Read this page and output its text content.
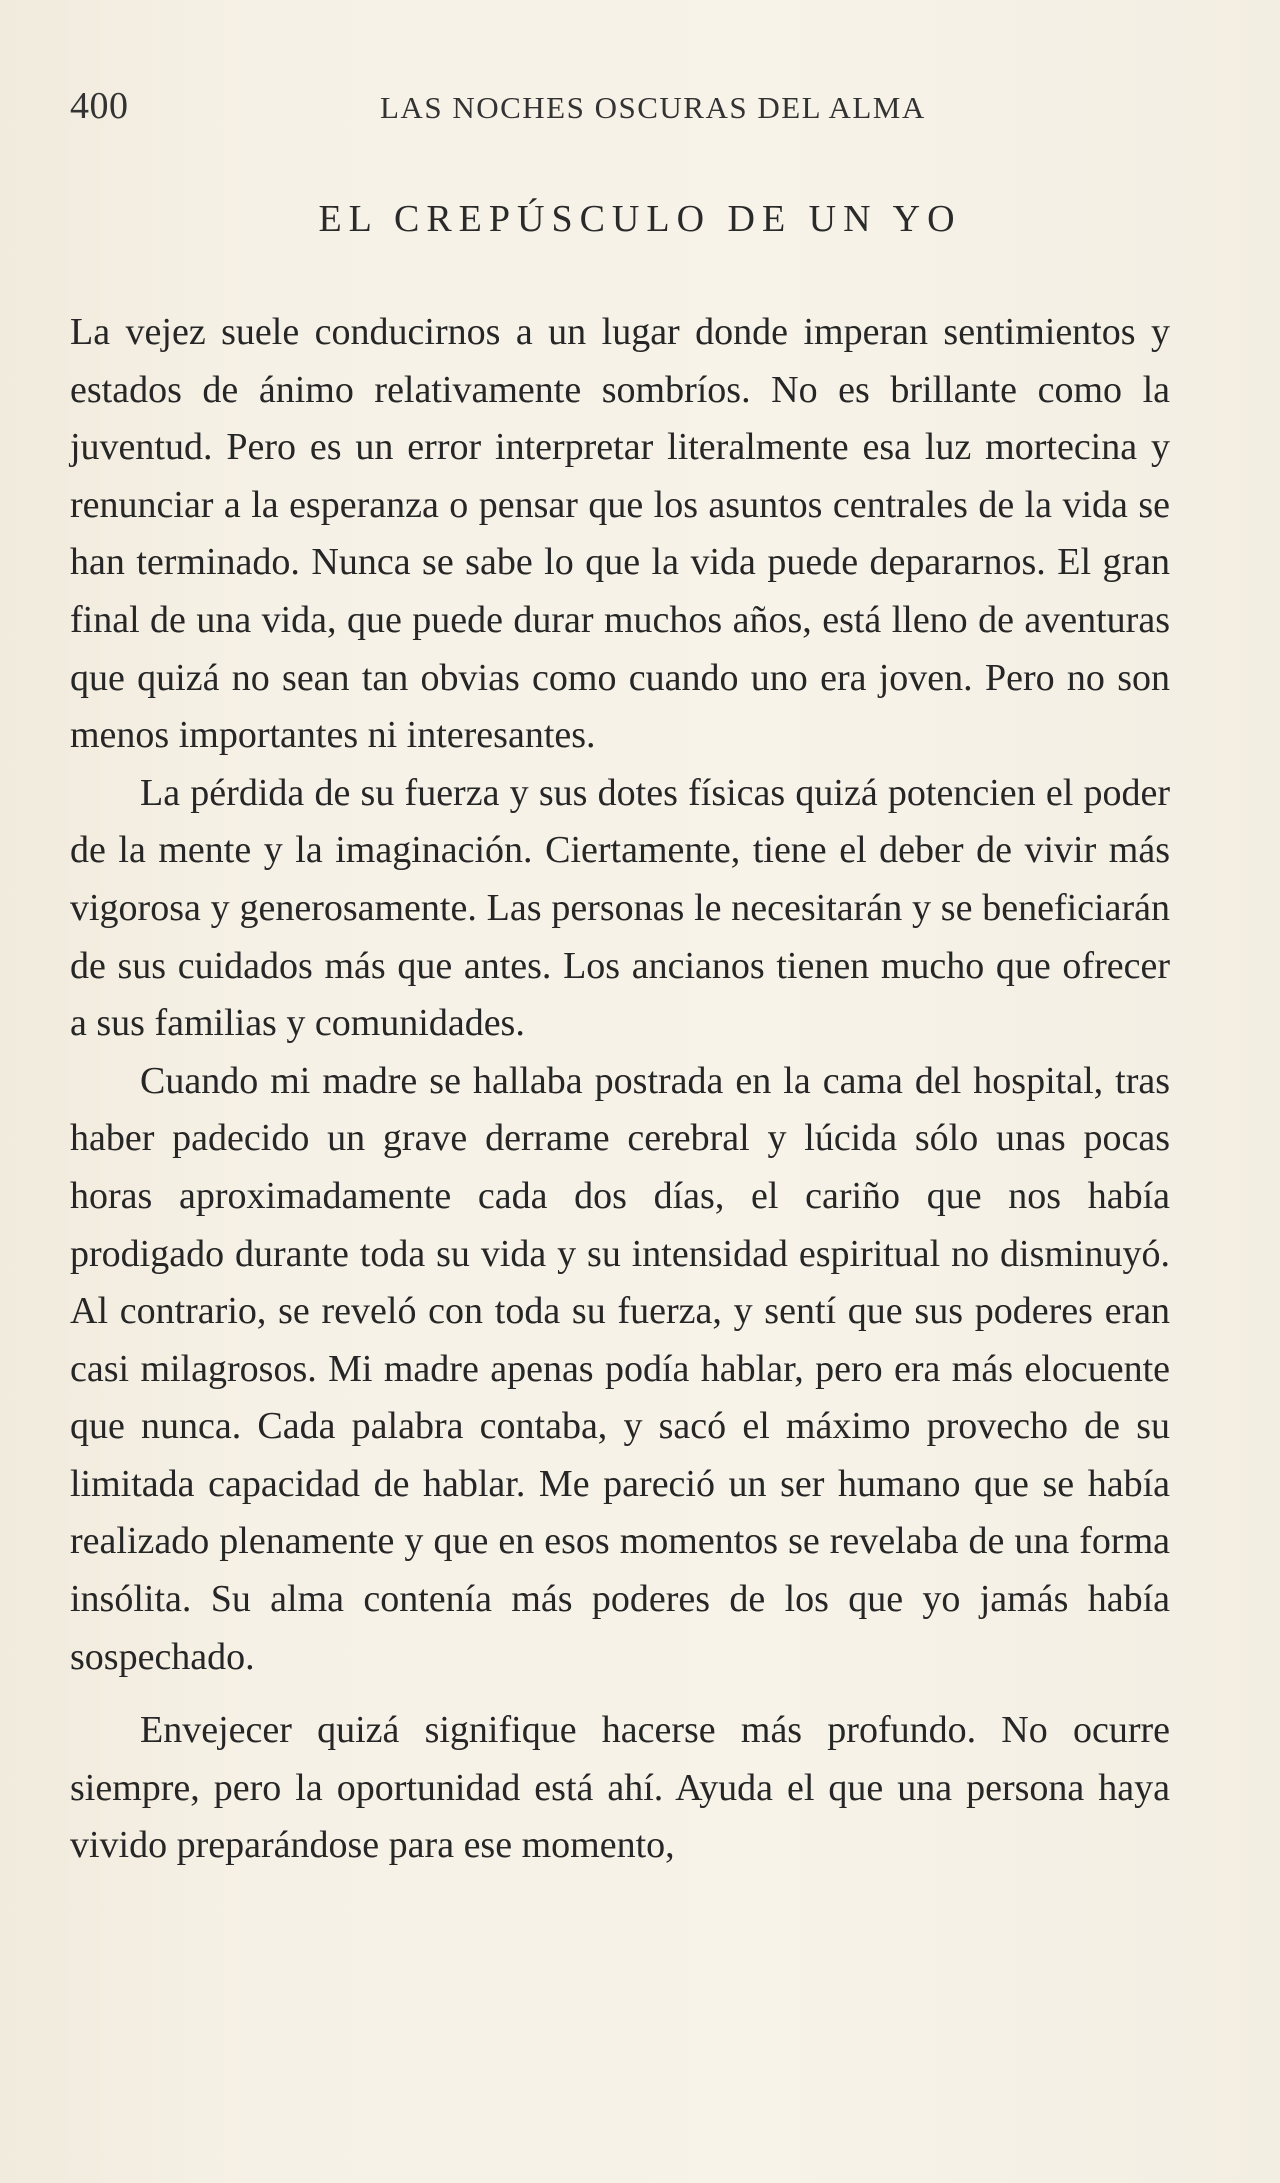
400	LAS NOCHES OSCURAS DEL ALMA
EL CREPÚSCULO DE UN YO

La vejez suele conducirnos a un lugar donde imperan sentimientos y estados de ánimo relativamente sombríos. No es brillante como la juventud. Pero es un error interpretar literalmente esa luz mortecina y renunciar a la esperanza o pensar que los asuntos centrales de la vida se han terminado. Nunca se sabe lo que la vida puede depararnos. El gran final de una vida, que puede durar muchos años, está lleno de aventuras que quizá no sean tan obvias como cuando uno era joven. Pero no son menos importantes ni interesantes.

La pérdida de su fuerza y sus dotes físicas quizá potencien el poder de la mente y la imaginación. Ciertamente, tiene el deber de vivir más vigorosa y generosamente. Las personas le necesitarán y se beneficiarán de sus cuidados más que antes. Los ancianos tienen mucho que ofrecer a sus familias y comunidades.

Cuando mi madre se hallaba postrada en la cama del hospital, tras haber padecido un grave derrame cerebral y lúcida sólo unas pocas horas aproximadamente cada dos días, el cariño que nos había prodigado durante toda su vida y su intensidad espiritual no disminuyó. Al contrario, se reveló con toda su fuerza, y sentí que sus poderes eran casi milagrosos. Mi madre apenas podía hablar, pero era más elocuente que nunca. Cada palabra contaba, y sacó el máximo provecho de su limitada capacidad de hablar. Me pareció un ser humano que se había realizado plenamente y que en esos momentos se revelaba de una forma insólita. Su alma contenía más poderes de los que yo jamás había sospechado.

Envejecer quizá signifique hacerse más profundo. No ocurre siempre, pero la oportunidad está ahí. Ayuda el que una persona haya vivido preparándose para ese momento,
